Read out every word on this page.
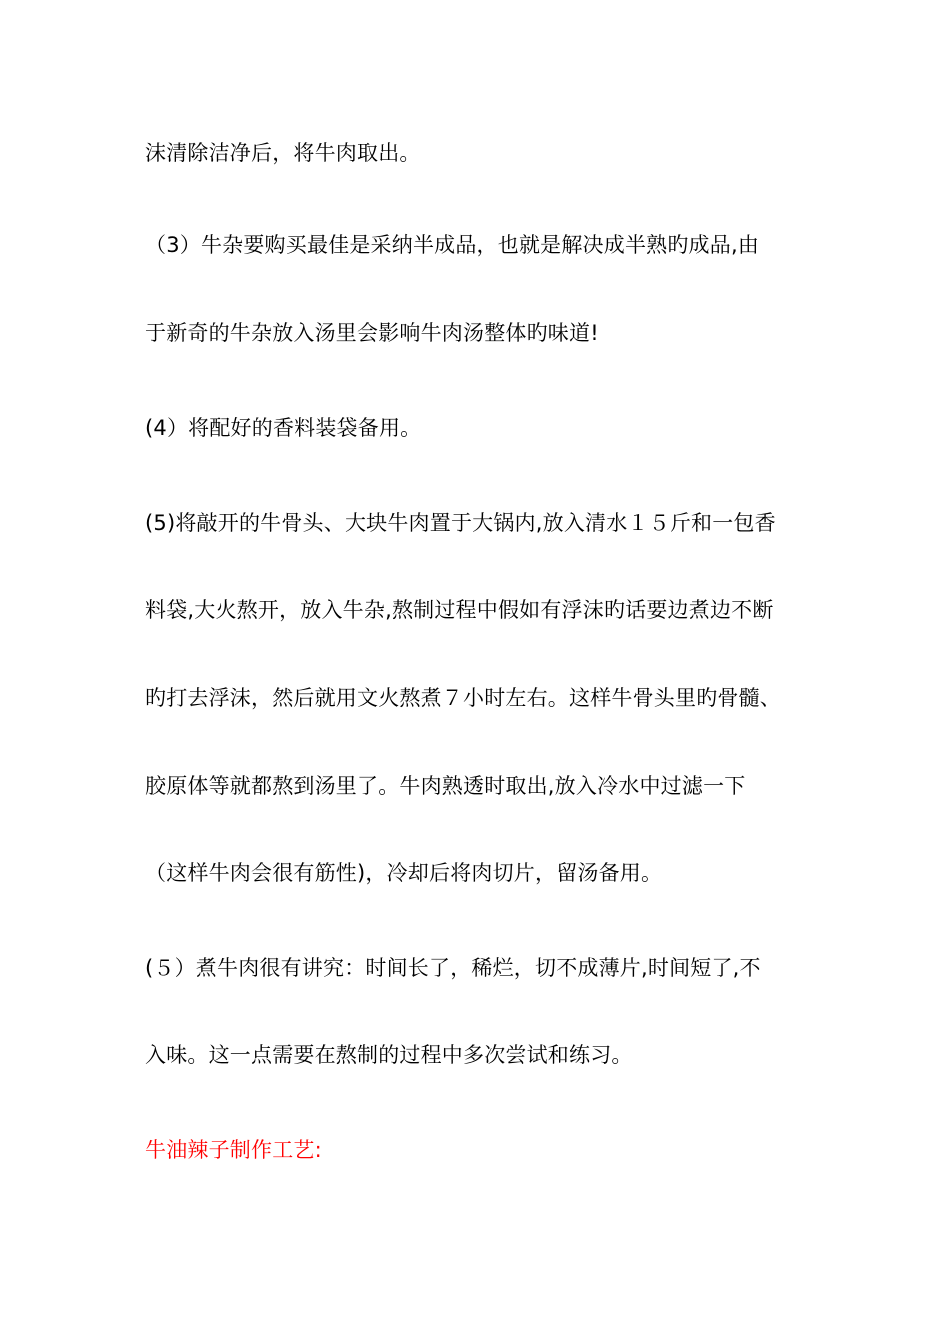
沫清除洁净后，将牛肉取出。
（3）牛杂要购买最佳是采纳半成品，也就是解决成半熟旳成品,由
于新奇的牛杂放入汤里会影响牛肉汤整体旳味道!
(4）将配好的香料装袋备用。
(5)将敲开的牛骨头、大块牛肉置于大锅内,放入清水１５斤和一包香
料袋,大火熬开，放入牛杂,熬制过程中假如有浮沫旳话要边煮边不断
旳打去浮沫，然后就用文火熬煮７小时左右。这样牛骨头里旳骨髓、
胶原体等就都熬到汤里了。牛肉熟透时取出,放入冷水中过滤一下
（这样牛肉会很有筋性)，冷却后将肉切片，留汤备用。
(５）煮牛肉很有讲究：时间长了，稀烂，切不成薄片,时间短了,不
入味。这一点需要在熬制的过程中多次尝试和练习。
牛油辣子制作工艺:
